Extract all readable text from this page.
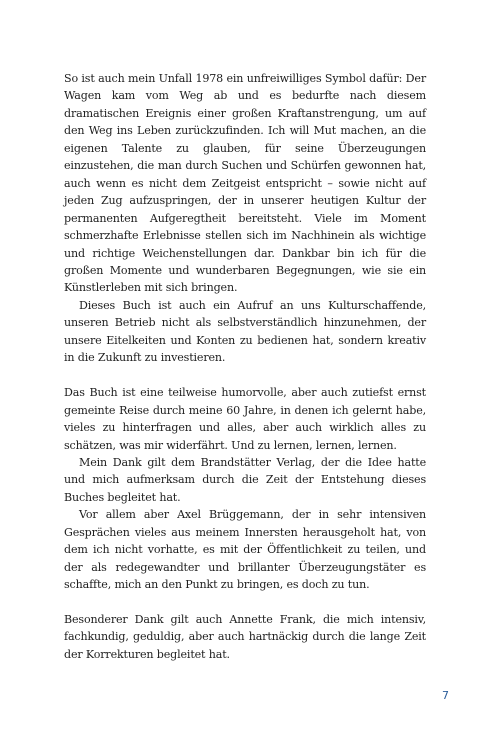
So ist auch mein Unfall 1978 ein unfreiwilliges Symbol dafür: Der Wagen kam vom Weg ab und es bedurfte nach diesem dramatischen Ereignis einer großen Kraftanstrengung, um auf den Weg ins Leben zurückzufinden. Ich will Mut machen, an die eigenen Talente zu glauben, für seine Überzeugungen einzustehen, die man durch Suchen und Schürfen gewonnen hat, auch wenn es nicht dem Zeitgeist entspricht – sowie nicht auf jeden Zug aufzuspringen, der in unserer heutigen Kultur der permanenten Aufgeregtheit bereitsteht. Viele im Moment schmerzhafte Erlebnisse stellen sich im Nachhinein als wichtige und richtige Weichenstellungen dar. Dankbar bin ich für die großen Momente und wunderbaren Begegnungen, wie sie ein Künstlerleben mit sich bringen.

Dieses Buch ist auch ein Aufruf an uns Kulturschaffende, unseren Betrieb nicht als selbstverständlich hinzunehmen, der unsere Eitelkeiten und Konten zu bedienen hat, sondern kreativ in die Zukunft zu investieren.

Das Buch ist eine teilweise humorvolle, aber auch zutiefst ernst gemeinte Reise durch meine 60 Jahre, in denen ich gelernt habe, vieles zu hinterfragen und alles, aber auch wirklich alles zu schätzen, was mir widerfährt. Und zu lernen, lernen, lernen.

Mein Dank gilt dem Brandstätter Verlag, der die Idee hatte und mich aufmerksam durch die Zeit der Entstehung dieses Buches begleitet hat.

Vor allem aber Axel Brüggemann, der in sehr intensiven Gesprächen vieles aus meinem Innersten herausgeholt hat, von dem ich nicht vorhatte, es mit der Öffentlichkeit zu teilen, und der als redegewandter und brillanter Überzeugungstäter es schaffte, mich an den Punkt zu bringen, es doch zu tun.

Besonderer Dank gilt auch Annette Frank, die mich intensiv, fachkundig, geduldig, aber auch hartnäckig durch die lange Zeit der Korrekturen begleitet hat.

7
